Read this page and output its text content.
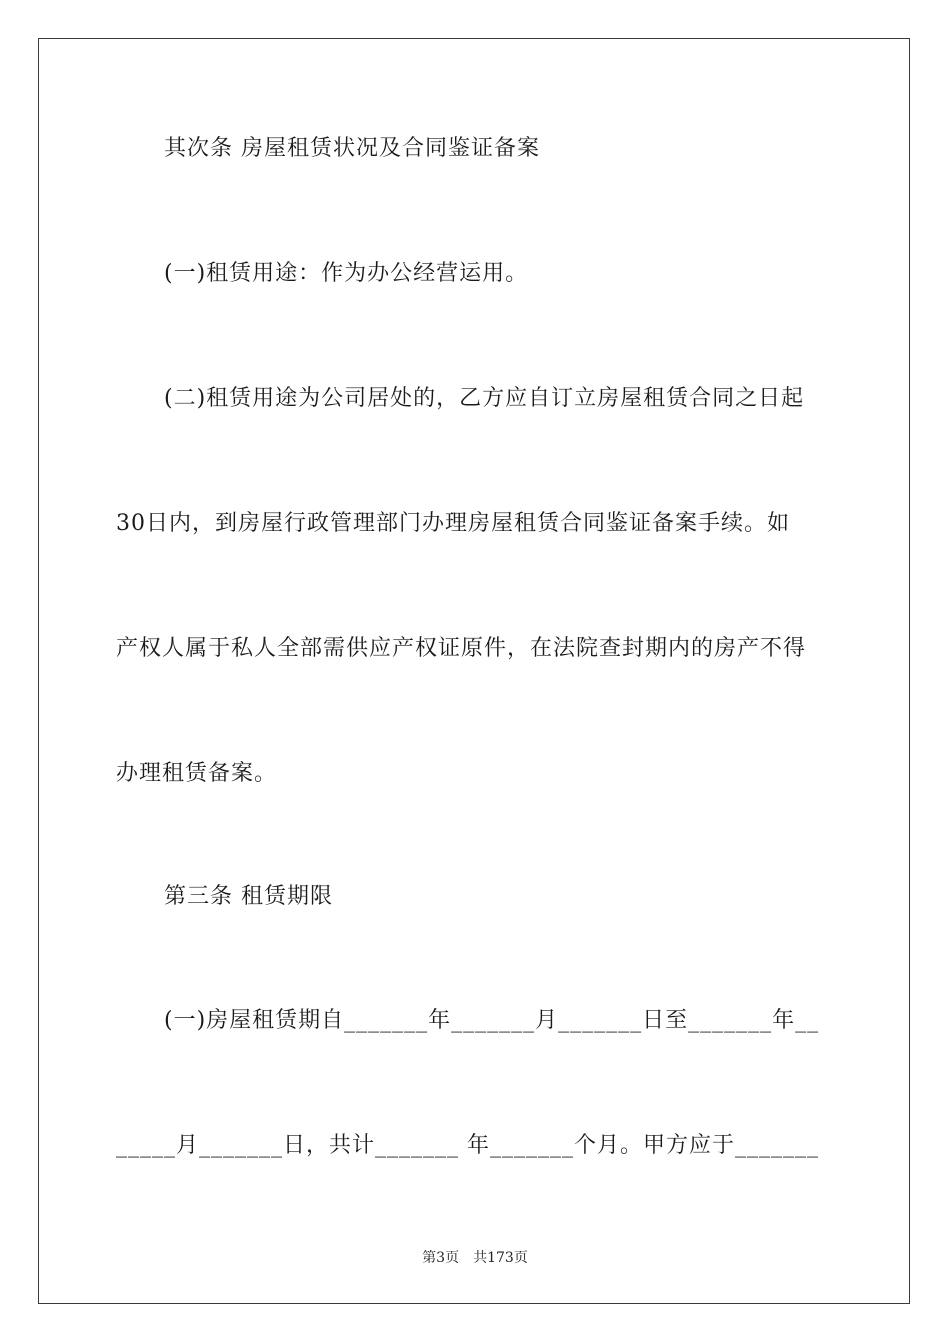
其次条 房屋租赁状况及合同鉴证备案
(一)租赁用途：作为办公经营运用。
(二)租赁用途为公司居处的，乙方应自订立房屋租赁合同之日起
30日内，到房屋行政管理部门办理房屋租赁合同鉴证备案手续。如
产权人属于私人全部需供应产权证原件，在法院查封期内的房产不得
办理租赁备案。
第三条 租赁期限
(一)房屋租赁期自_______年_______月_______日至_______年__
_____月_______日，共计_______ 年_______个月。甲方应于_______
第3页 共173页
